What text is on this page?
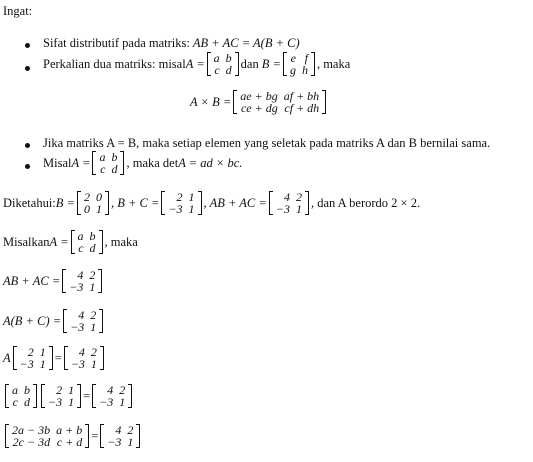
Ingat:
Sifat distributif pada matriks: AB + AC = A(B + C)
Perkalian dua matriks: misal A = a	b
c	d dan B = e	f
g	h , maka
A × B = ae + bg	af + bh
ce + dg	cf + dh
Jika matriks A = B, maka setiap elemen yang seletak pada matriks A dan B bernilai sama.
Misal A = a	b
c	d , maka det A = ad × bc.
Diketahui: B = 2	0
0	1 , B + C = 2	1
−3	1 , AB + AC = 4	2
−3	1 , dan A berordo 2 × 2.
Misalkan A = a	b
c	d , maka
AB + AC = 4	2
−3	1
A(B + C) = 4	2
−3	1
A 2	1
−3	1 = 4	2
−3	1
a	b
c	d
2	1
−3	1 = 4	2
−3	1
2a − 3b	a + b
2c − 3d	c + d = 4	2
−3	1
